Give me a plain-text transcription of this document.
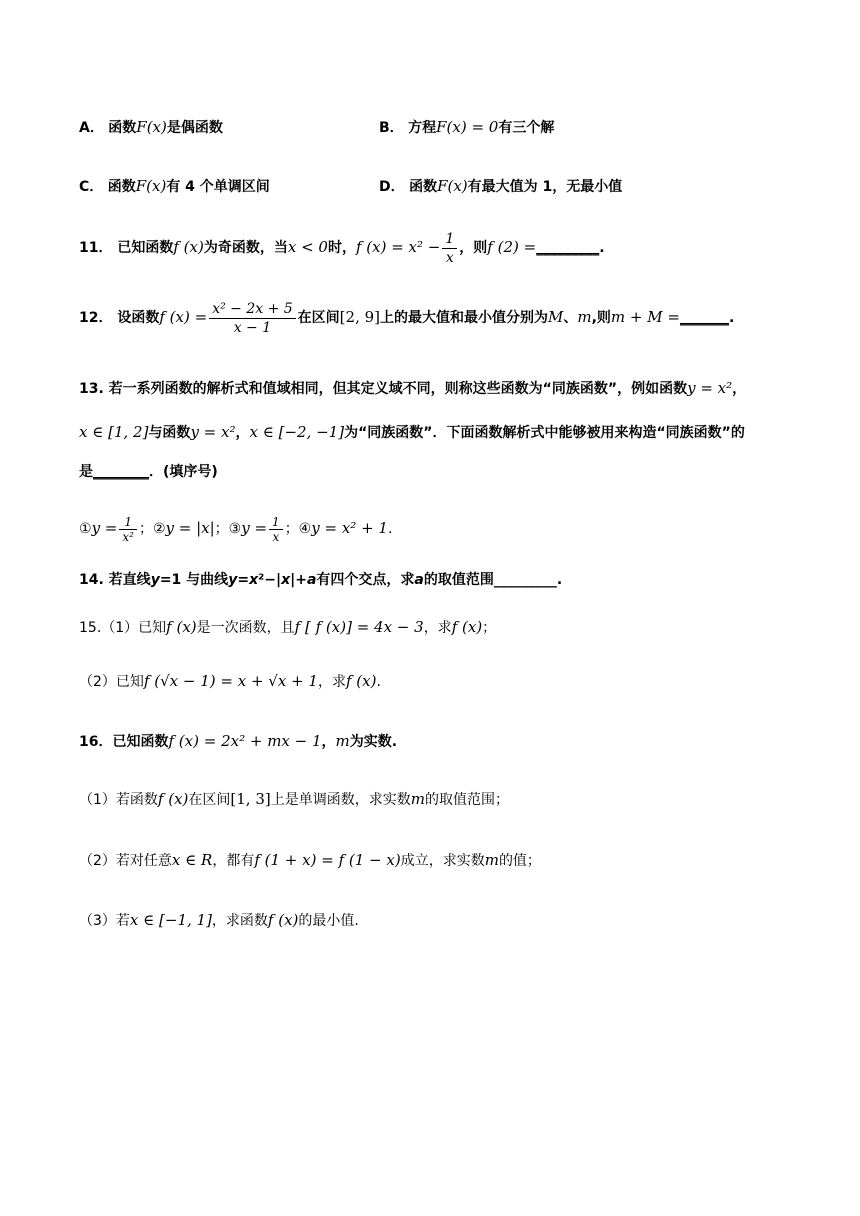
A． 函数F(x)是偶函数	B． 方程F(x) = 0有三个解
C． 函数F(x)有 4 个单调区间	D． 函数F(x)有最大值为 1，无最小值
11． 已知函数f (x)为奇函数，当x < 0时，f $(x) = x^2 - \frac{1}{x}$ ，则f (2) =_________.
12． 设函数f $(x) = \frac{\text{x² − 2x + 5}}{x - 1}$ 在区间[2, 9]上的最大值和最小值分别为M、m,则m + M =_______.
13. 若一系列函数的解析式和值域相同，但其定义域不同，则称这些函数为“同族函数”，例如函数y = x²，
x ∈ [1, 2]与函数y = x²，x ∈ [−2, −1]为“同族函数”．下面函数解析式中能够被用来构造“同族函数”的
是________．(填序号)
①y = $\frac{1}{\text{x²}}$ ；②y = |x|；③y = $\frac{1}{x}$ ；④y = x² + 1.
14. 若直线y=1 与曲线y=x²−|x|+a有四个交点，求a的取值范围_________.
15.（1）已知f (x)是一次函数，且f [ f (x)] = 4x − 3，求f (x)；
（2）已知f (√x − 1) = x + √x + 1，求f (x).
16．已知函数f (x) = 2x² + mx − 1，m为实数.
（1）若函数f (x)在区间[1, 3]上是单调函数，求实数m的取值范围；
（2）若对任意x ∈ R，都有f (1 + x) = f (1 − x)成立，求实数m的值；
（3）若x ∈ [−1, 1]，求函数f (x)的最小值.
